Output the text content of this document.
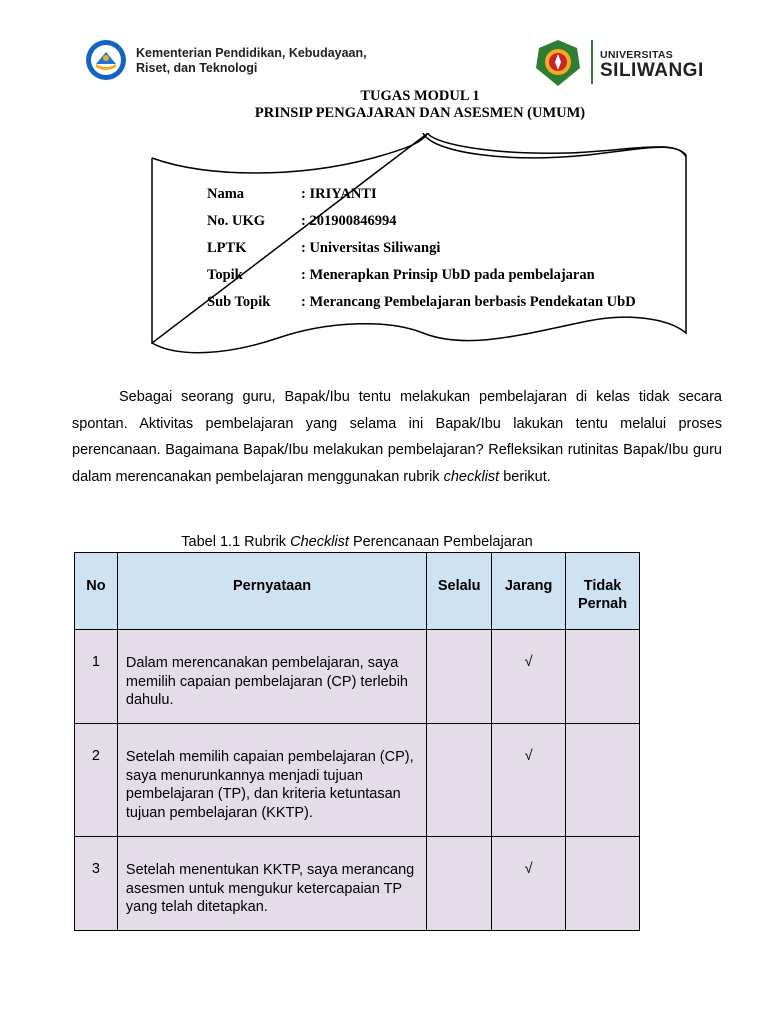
Kementerian Pendidikan, Kebudayaan,
Riset, dan Teknologi
UNIVERSITAS
SILIWANGI
TUGAS MODUL 1
PRINSIP PENGAJARAN DAN ASESMEN (UMUM)
Nama	: IRIYANTI
No. UKG	: 201900846994
LPTK	: Universitas Siliwangi
Topik	: Menerapkan Prinsip UbD pada pembelajaran
Sub Topik	: Merancang Pembelajaran berbasis Pendekatan UbD

Sebagai seorang guru, Bapak/Ibu tentu melakukan pembelajaran di kelas tidak secara spontan. Aktivitas pembelajaran yang selama ini Bapak/Ibu lakukan tentu melalui proses perencanaan. Bagaimana Bapak/Ibu melakukan pembelajaran? Refleksikan rutinitas Bapak/Ibu guru dalam merencanakan pembelajaran menggunakan rubrik checklist berikut.

Tabel 1.1 Rubrik Checklist Perencanaan Pembelajaran
No	Pernyataan	Selalu	Jarang	Tidak Pernah
1	Dalam merencanakan pembelajaran, saya memilih capaian pembelajaran (CP) terlebih dahulu.		√	
2	Setelah memilih capaian pembelajaran (CP), saya menurunkannya menjadi tujuan pembelajaran (TP), dan kriteria ketuntasan tujuan pembelajaran (KKTP).		√	
3	Setelah menentukan KKTP, saya merancang asesmen untuk mengukur ketercapaian TP yang telah ditetapkan.		√	
